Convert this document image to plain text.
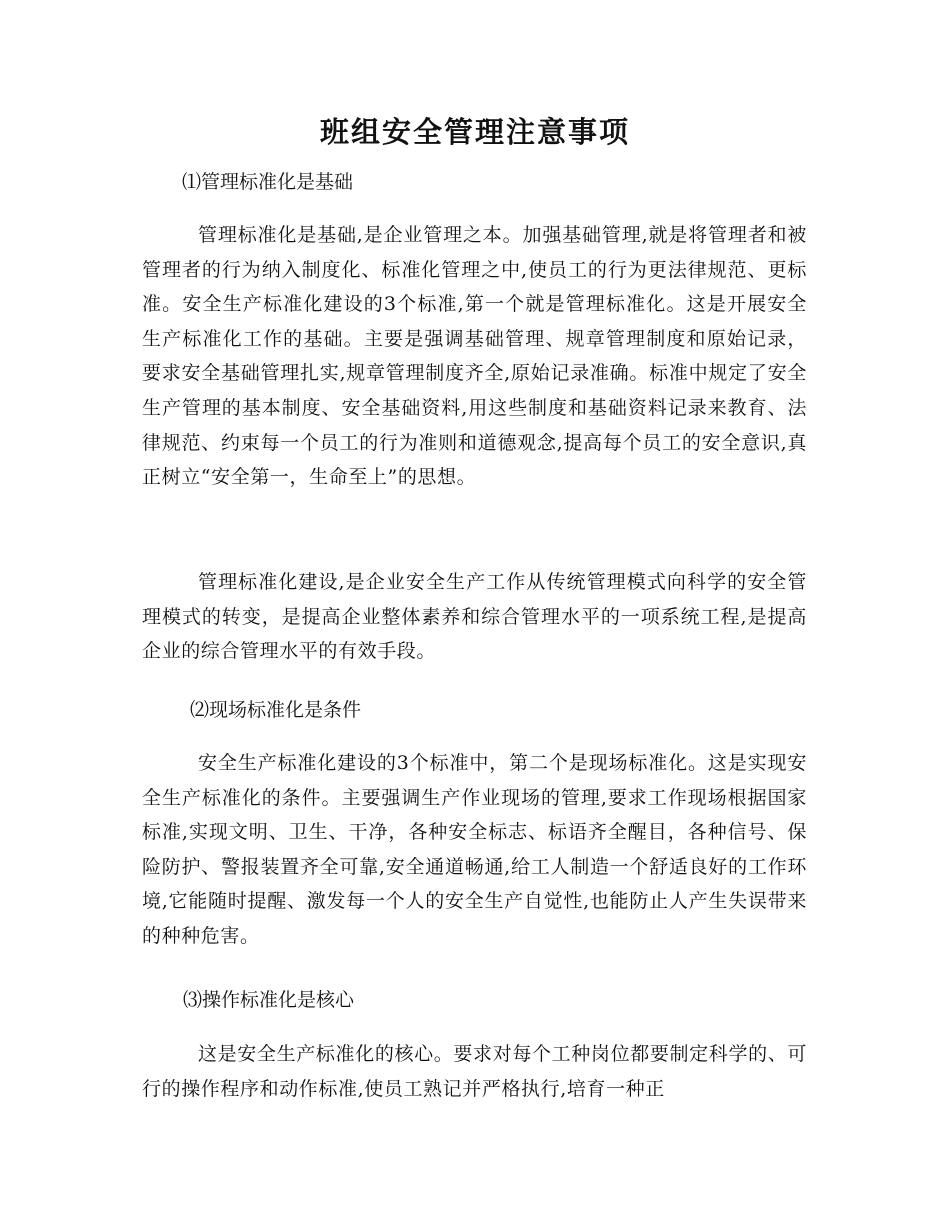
班组安全管理注意事项

⑴管理标准化是基础

管理标准化是基础,是企业管理之本。加强基础管理,就是将管理者和被管理者的行为纳入制度化、标准化管理之中,使员工的行为更法律规范、更标准。安全生产标准化建设的3个标准,第一个就是管理标准化。这是开展安全生产标准化工作的基础。主要是强调基础管理、规章管理制度和原始记录，要求安全基础管理扎实,规章管理制度齐全,原始记录准确。标准中规定了安全生产管理的基本制度、安全基础资料,用这些制度和基础资料记录来教育、法律规范、约束每一个员工的行为准则和道德观念,提高每个员工的安全意识,真正树立“安全第一，生命至上”的思想。

管理标准化建设,是企业安全生产工作从传统管理模式向科学的安全管理模式的转变，是提高企业整体素养和综合管理水平的一项系统工程,是提高企业的综合管理水平的有效手段。

⑵现场标准化是条件

安全生产标准化建设的3个标准中，第二个是现场标准化。这是实现安全生产标准化的条件。主要强调生产作业现场的管理,要求工作现场根据国家标准,实现文明、卫生、干净，各种安全标志、标语齐全醒目，各种信号、保险防护、警报装置齐全可靠,安全通道畅通,给工人制造一个舒适良好的工作环境,它能随时提醒、激发每一个人的安全生产自觉性,也能防止人产生失误带来的种种危害。

⑶操作标准化是核心

这是安全生产标准化的核心。要求对每个工种岗位都要制定科学的、可行的操作程序和动作标准,使员工熟记并严格执行,培育一种正
